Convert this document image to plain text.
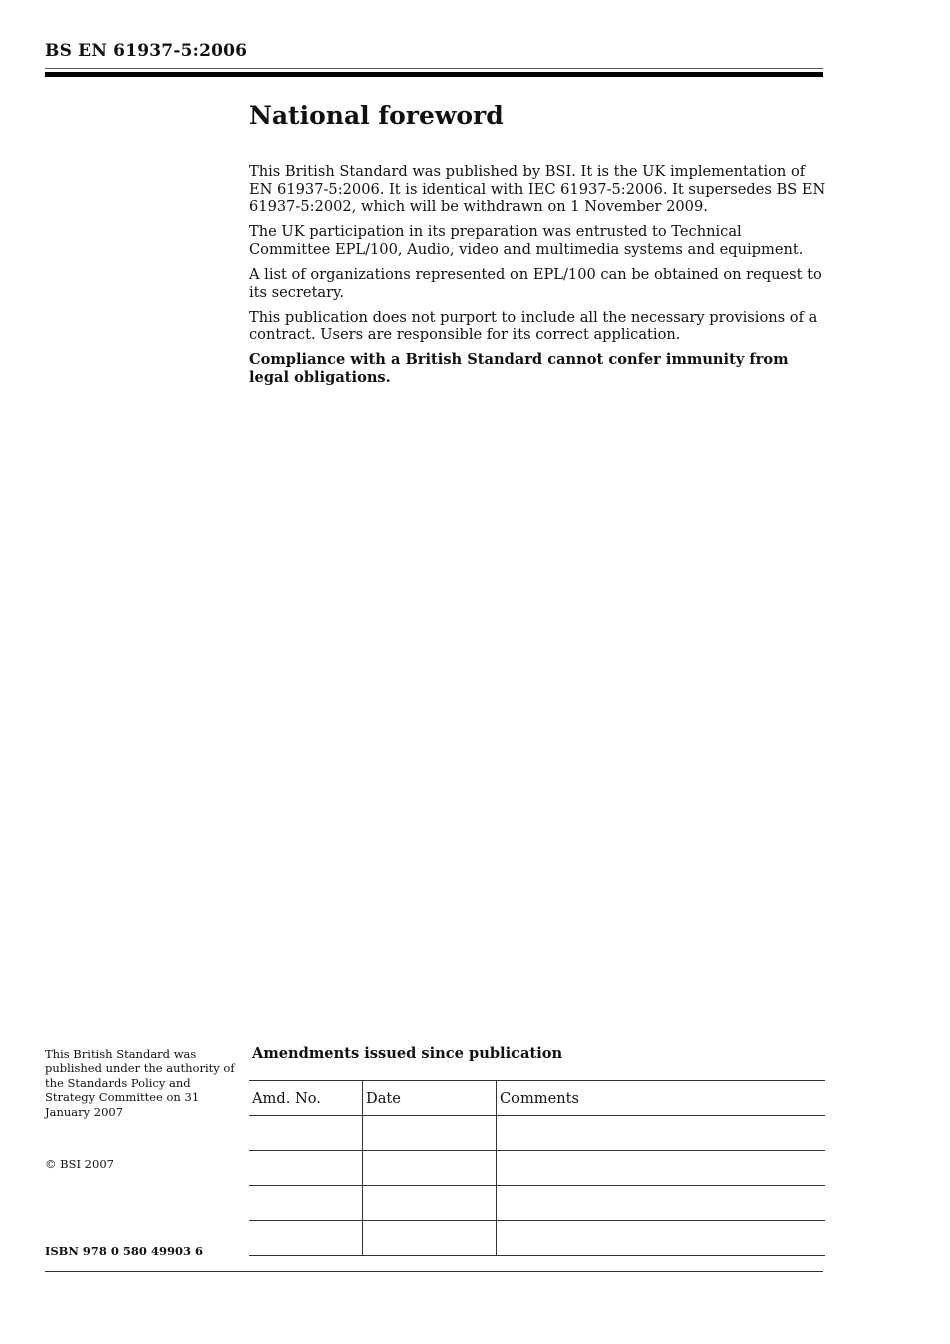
BS EN 61937-5:2006
National foreword

This British Standard was published by BSI. It is the UK implementation of EN 61937-5:2006. It is identical with IEC 61937-5:2006. It supersedes BS EN 61937-5:2002, which will be withdrawn on 1 November 2009.

The UK participation in its preparation was entrusted to Technical Committee EPL/100, Audio, video and multimedia systems and equipment.

A list of organizations represented on EPL/100 can be obtained on request to its secretary.

This publication does not purport to include all the necessary provisions of a contract. Users are responsible for its correct application.

Compliance with a British Standard cannot confer immunity from legal obligations.

This British Standard was published under the authority of the Standards Policy and Strategy Committee on 31 January 2007
© BSI 2007
ISBN 978 0 580 49903 6
Amendments issued since publication
Amd. No.	Date	Comments
